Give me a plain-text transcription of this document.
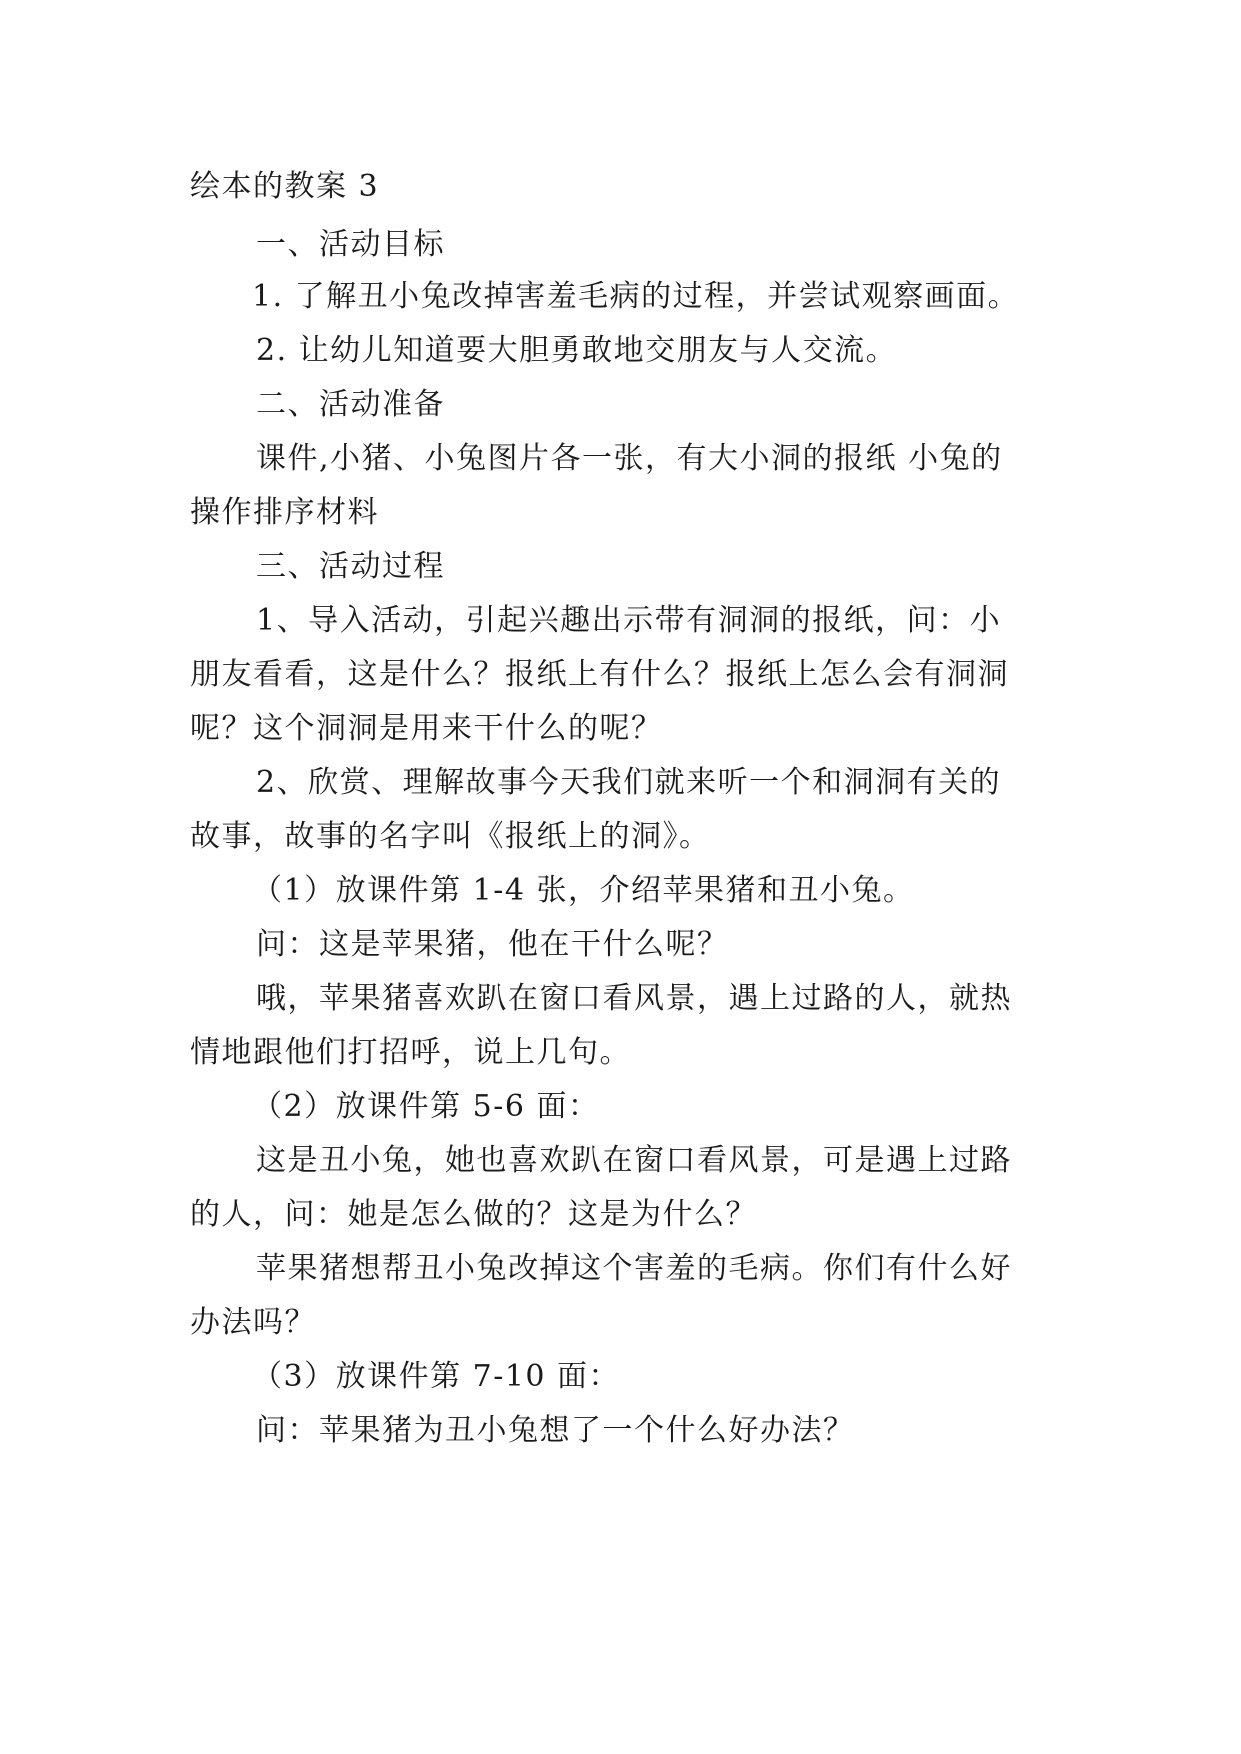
绘本的教案 3
一、活动目标
1. 了解丑小兔改掉害羞毛病的过程，并尝试观察画面。
2. 让幼儿知道要大胆勇敢地交朋友与人交流。
二、活动准备
课件,小猪、小兔图片各一张，有大小洞的报纸 小兔的
操作排序材料
三、活动过程
1、导入活动，引起兴趣出示带有洞洞的报纸，问：小
朋友看看，这是什么？报纸上有什么？报纸上怎么会有洞洞
呢？这个洞洞是用来干什么的呢？
2、欣赏、理解故事今天我们就来听一个和洞洞有关的
故事，故事的名字叫《报纸上的洞》。
（1）放课件第 1-4 张，介绍苹果猪和丑小兔。
问：这是苹果猪，他在干什么呢？
哦，苹果猪喜欢趴在窗口看风景，遇上过路的人，就热
情地跟他们打招呼，说上几句。
（2）放课件第 5-6 面：
这是丑小兔，她也喜欢趴在窗口看风景，可是遇上过路
的人，问：她是怎么做的？这是为什么？
苹果猪想帮丑小兔改掉这个害羞的毛病。你们有什么好
办法吗？
（3）放课件第 7-10 面：
问：苹果猪为丑小兔想了一个什么好办法？
